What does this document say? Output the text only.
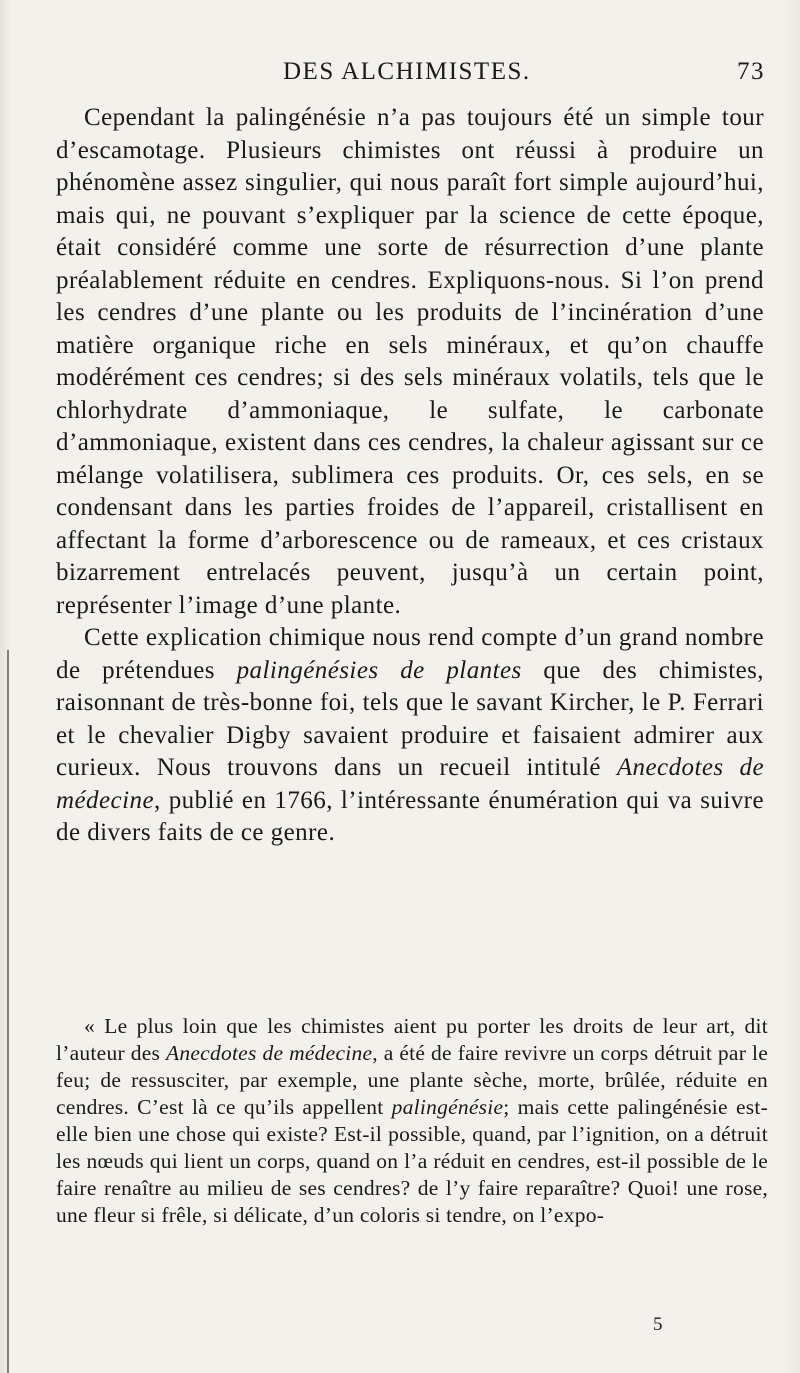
DES ALCHIMISTES.	73

Cependant la palingénésie n’a pas toujours été un simple tour d’escamotage. Plusieurs chimistes ont réussi à produire un phénomène assez singulier, qui nous paraît fort simple aujourd’hui, mais qui, ne pouvant s’expliquer par la science de cette époque, était considéré comme une sorte de résurrection d’une plante préalablement réduite en cendres. Expliquons-nous. Si l’on prend les cendres d’une plante ou les produits de l’incinération d’une matière organique riche en sels minéraux, et qu’on chauffe modérément ces cendres; si des sels minéraux volatils, tels que le chlorhydrate d’ammoniaque, le sulfate, le carbonate d’ammoniaque, existent dans ces cendres, la chaleur agissant sur ce mélange volatilisera, sublimera ces produits. Or, ces sels, en se condensant dans les parties froides de l’appareil, cristallisent en affectant la forme d’arborescence ou de rameaux, et ces cristaux bizarrement entrelacés peuvent, jusqu’à un certain point, représenter l’image d’une plante.

Cette explication chimique nous rend compte d’un grand nombre de prétendues palingénésies de plantes que des chimistes, raisonnant de très-bonne foi, tels que le savant Kircher, le P. Ferrari et le chevalier Digby savaient produire et faisaient admirer aux curieux. Nous trouvons dans un recueil intitulé Anecdotes de médecine, publié en 1766, l’intéressante énumération qui va suivre de divers faits de ce genre.

« Le plus loin que les chimistes aient pu porter les droits de leur art, dit l’auteur des Anecdotes de médecine, a été de faire revivre un corps détruit par le feu; de ressusciter, par exemple, une plante sèche, morte, brûlée, réduite en cendres. C’est là ce qu’ils appellent palingénésie; mais cette palingénésie est-elle bien une chose qui existe? Est-il possible, quand, par l’ignition, on a détruit les nœuds qui lient un corps, quand on l’a réduit en cendres, est-il possible de le faire renaître au milieu de ses cendres? de l’y faire reparaître? Quoi! une rose, une fleur si frêle, si délicate, d’un coloris si tendre, on l’expo-

5
